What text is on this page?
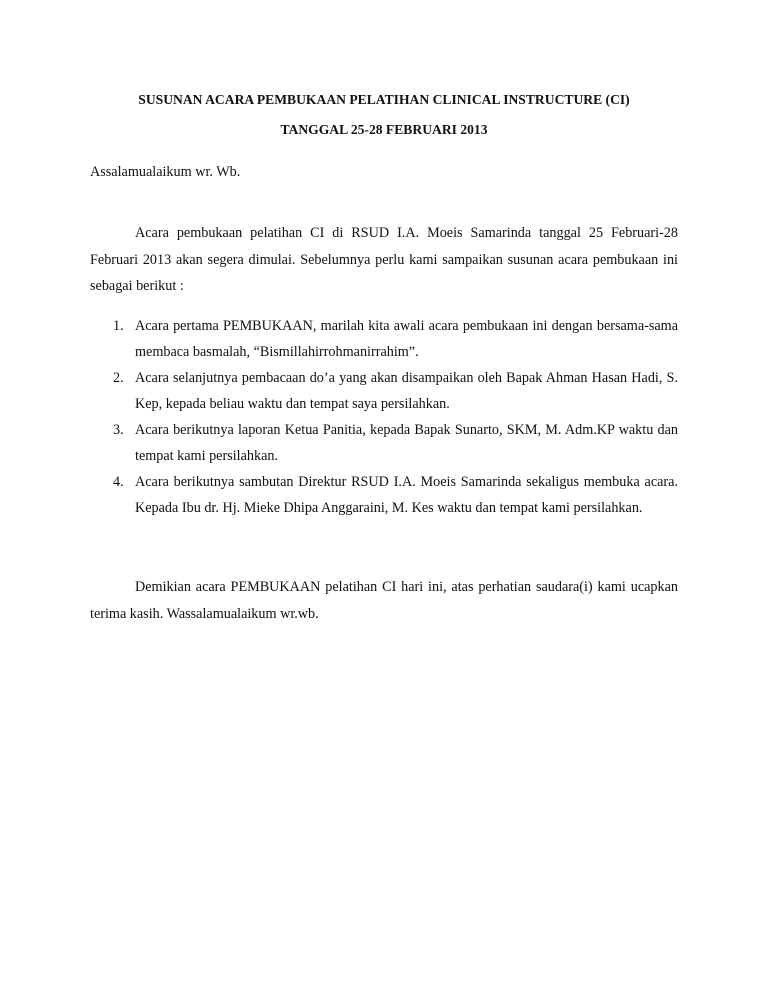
SUSUNAN ACARA PEMBUKAAN PELATIHAN CLINICAL INSTRUCTURE (CI)
TANGGAL 25-28 FEBRUARI 2013
Assalamualaikum wr. Wb.
Acara pembukaan pelatihan CI di RSUD I.A. Moeis Samarinda tanggal 25 Februari-28 Februari 2013 akan segera dimulai. Sebelumnya perlu kami sampaikan susunan acara pembukaan ini sebagai berikut :
1. Acara pertama PEMBUKAAN, marilah kita awali acara pembukaan ini dengan bersama-sama membaca basmalah, “Bismillahirrohmanirrahim”.
2. Acara selanjutnya pembacaan do’a yang akan disampaikan oleh Bapak Ahman Hasan Hadi, S. Kep, kepada beliau waktu dan tempat saya persilahkan.
3. Acara berikutnya laporan Ketua Panitia, kepada Bapak Sunarto, SKM, M. Adm.KP waktu dan tempat kami persilahkan.
4. Acara berikutnya sambutan Direktur RSUD I.A. Moeis Samarinda sekaligus membuka acara. Kepada Ibu dr. Hj. Mieke Dhipa Anggaraini, M. Kes waktu dan tempat kami persilahkan.
Demikian acara PEMBUKAAN pelatihan CI hari ini, atas perhatian saudara(i) kami ucapkan terima kasih. Wassalamualaikum wr.wb.
